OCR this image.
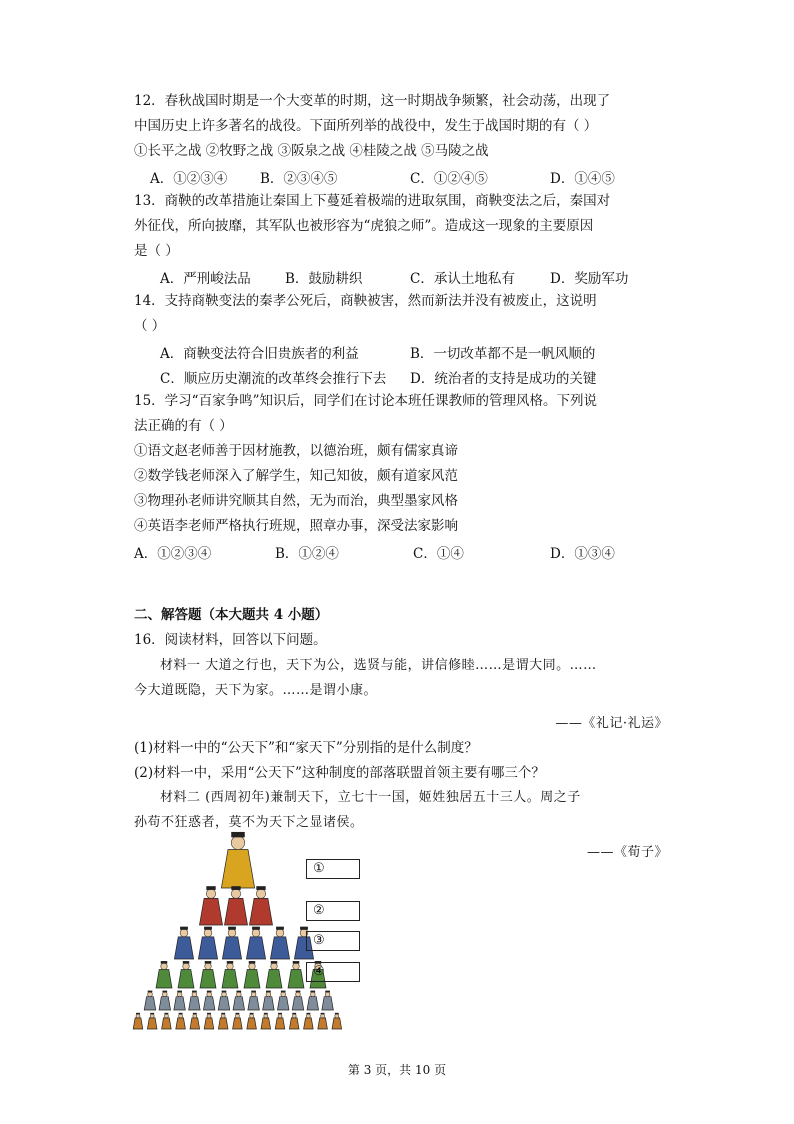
12．春秋战国时期是一个大变革的时期，这一时期战争频繁，社会动荡，出现了
中国历史上许多著名的战役。下面所列举的战役中，发生于战国时期的有（ ）
①长平之战 ②牧野之战 ③阪泉之战 ④桂陵之战 ⑤马陵之战
A．①②③④ B．②③④⑤	C．①②④⑤	D．①④⑤
13．商鞅的改革措施让秦国上下蔓延着极端的进取氛围，商鞅变法之后，秦国对
外征伐，所向披靡，其军队也被形容为“虎狼之师”。造成这一现象的主要原因
是（ ）
A．严刑峻法品	B．鼓励耕织	C．承认土地私有	D．奖励军功
14．支持商鞅变法的秦孝公死后，商鞅被害，然而新法并没有被废止，这说明
（ ）
A．商鞅变法符合旧贵族者的利益	B．一切改革都不是一帆风顺的
C．顺应历史潮流的改革终会推行下去 D．统治者的支持是成功的关键
15．学习“百家争鸣”知识后，同学们在讨论本班任课教师的管理风格。下列说
法正确的有（ ）
①语文赵老师善于因材施教，以德治班，颇有儒家真谛
②数学钱老师深入了解学生，知己知彼，颇有道家风范
③物理孙老师讲究顺其自然，无为而治，典型墨家风格
④英语李老师严格执行班规，照章办事，深受法家影响
A．①②③④	B．①②④	C．①④	D．①③④
二、解答题（本大题共 4 小题）
16．阅读材料，回答以下问题。
材料一 大道之行也，天下为公，选贤与能，讲信修睦……是谓大同。……
今大道既隐，天下为家。……是谓小康。
——《礼记·礼运》
(1)材料一中的“公天下”和“家天下”分别指的是什么制度？
(2)材料一中，采用“公天下”这种制度的部落联盟首领主要有哪三个？
材料二 (西周初年)兼制天下，立七十一国，姬姓独居五十三人。周之子
孙苟不狂惑者，莫不为天下之显诸侯。
——《荀子》
①
②
③
④
第 3 页，共 10 页
